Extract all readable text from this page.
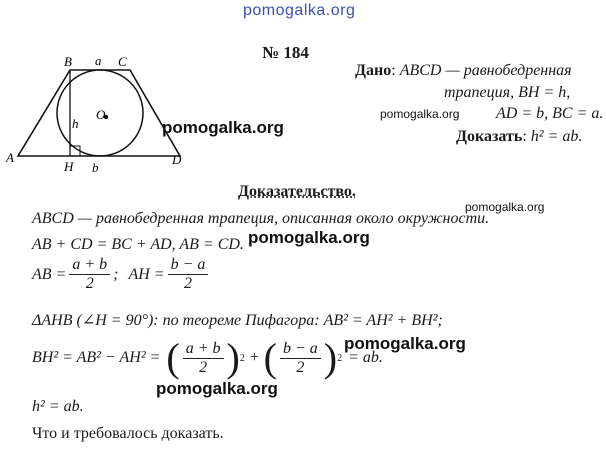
pomogalka.org
№ 184
B a C
O
h
A
H b
D
pomogalka.org
Дано: ABCD — равнобедренная
трапеция, BH = h,
pomogalka.org AD = b, BC = a.
Доказать: h² = ab.
Доказательство.
pomogalka.org
ABCD — равнобедренная трапеция, описанная около окружности.
AB + CD = BC + AD, AB = CD. pomogalka.org
AB = $\frac{a + b}{2}$ ; AH = $\frac{b - a}{2}$
ΔAHB (∠H = 90°): по теореме Пифагора: AB² = AH² + BH²;
BH² = AB² − AH² = ( $\frac{a + b}{2}$ ) 2 + ( $\frac{b - a}{2}$ ) 2 = ab.
pomogalka.org
pomogalka.org
h² = ab.
Что и требовалось доказать.
